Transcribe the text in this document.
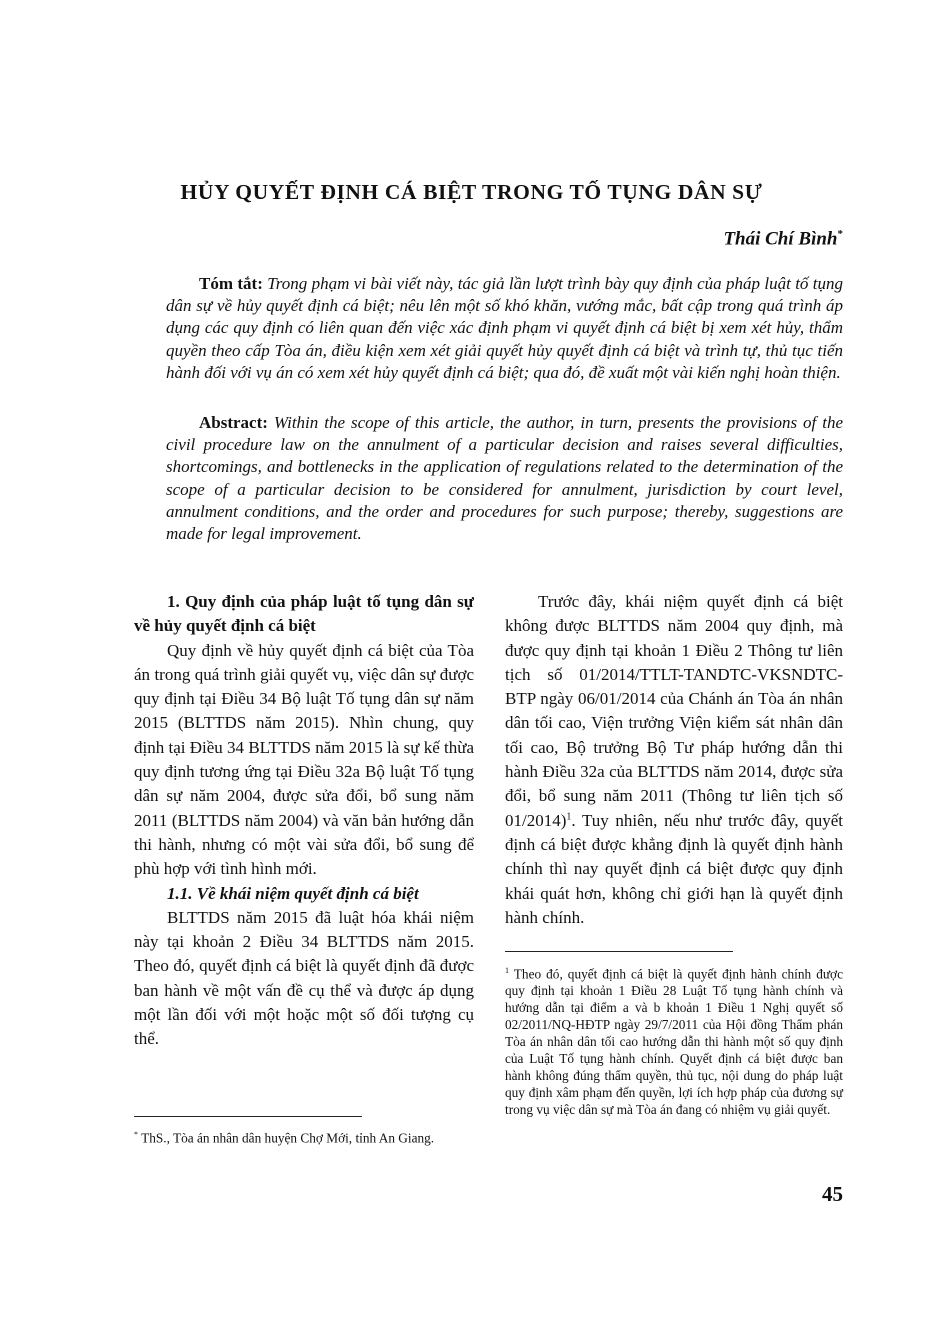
HỦY QUYẾT ĐỊNH CÁ BIỆT TRONG TỐ TỤNG DÂN SỰ

Thái Chí Bình*

Tóm tắt: Trong phạm vi bài viết này, tác giả lần lượt trình bày quy định của pháp luật tố tụng dân sự về hủy quyết định cá biệt; nêu lên một số khó khăn, vướng mắc, bất cập trong quá trình áp dụng các quy định có liên quan đến việc xác định phạm vi quyết định cá biệt bị xem xét hủy, thẩm quyền theo cấp Tòa án, điều kiện xem xét giải quyết hủy quyết định cá biệt và trình tự, thủ tục tiến hành đối với vụ án có xem xét hủy quyết định cá biệt; qua đó, đề xuất một vài kiến nghị hoàn thiện.

Abstract: Within the scope of this article, the author, in turn, presents the provisions of the civil procedure law on the annulment of a particular decision and raises several difficulties, shortcomings, and bottlenecks in the application of regulations related to the determination of the scope of a particular decision to be considered for annulment, jurisdiction by court level, annulment conditions, and the order and procedures for such purpose; thereby, suggestions are made for legal improvement.

1. Quy định của pháp luật tố tụng dân sự về hủy quyết định cá biệt

Quy định về hủy quyết định cá biệt của Tòa án trong quá trình giải quyết vụ, việc dân sự được quy định tại Điều 34 Bộ luật Tố tụng dân sự năm 2015 (BLTTDS năm 2015). Nhìn chung, quy định tại Điều 34 BLTTDS năm 2015 là sự kế thừa quy định tương ứng tại Điều 32a Bộ luật Tố tụng dân sự năm 2004, được sửa đổi, bổ sung năm 2011 (BLTTDS năm 2004) và văn bản hướng dẫn thi hành, nhưng có một vài sửa đổi, bổ sung để phù hợp với tình hình mới.

1.1. Về khái niệm quyết định cá biệt

BLTTDS năm 2015 đã luật hóa khái niệm này tại khoản 2 Điều 34 BLTTDS năm 2015. Theo đó, quyết định cá biệt là quyết định đã được ban hành về một vấn đề cụ thể và được áp dụng một lần đối với một hoặc một số đối tượng cụ thể.

Trước đây, khái niệm quyết định cá biệt không được BLTTDS năm 2004 quy định, mà được quy định tại khoản 1 Điều 2 Thông tư liên tịch số 01/2014/TTLT-TANDTC-VKSNDTC-BTP ngày 06/01/2014 của Chánh án Tòa án nhân dân tối cao, Viện trưởng Viện kiểm sát nhân dân tối cao, Bộ trưởng Bộ Tư pháp hướng dẫn thi hành Điều 32a của BLTTDS năm 2014, được sửa đổi, bổ sung năm 2011 (Thông tư liên tịch số 01/2014)$^1$. Tuy nhiên, nếu như trước đây, quyết định cá biệt được khẳng định là quyết định hành chính thì nay quyết định cá biệt được quy định khái quát hơn, không chỉ giới hạn là quyết định hành chính.

* ThS., Tòa án nhân dân huyện Chợ Mới, tỉnh An Giang.

$^1$ Theo đó, quyết định cá biệt là quyết định hành chính được quy định tại khoản 1 Điều 28 Luật Tố tụng hành chính và hướng dẫn tại điểm a và b khoản 1 Điều 1 Nghị quyết số 02/2011/NQ-HĐTP ngày 29/7/2011 của Hội đồng Thẩm phán Tòa án nhân dân tối cao hướng dẫn thi hành một số quy định của Luật Tố tụng hành chính. Quyết định cá biệt được ban hành không đúng thẩm quyền, thủ tục, nội dung do pháp luật quy định xâm phạm đến quyền, lợi ích hợp pháp của đương sự trong vụ việc dân sự mà Tòa án đang có nhiệm vụ giải quyết.

45
